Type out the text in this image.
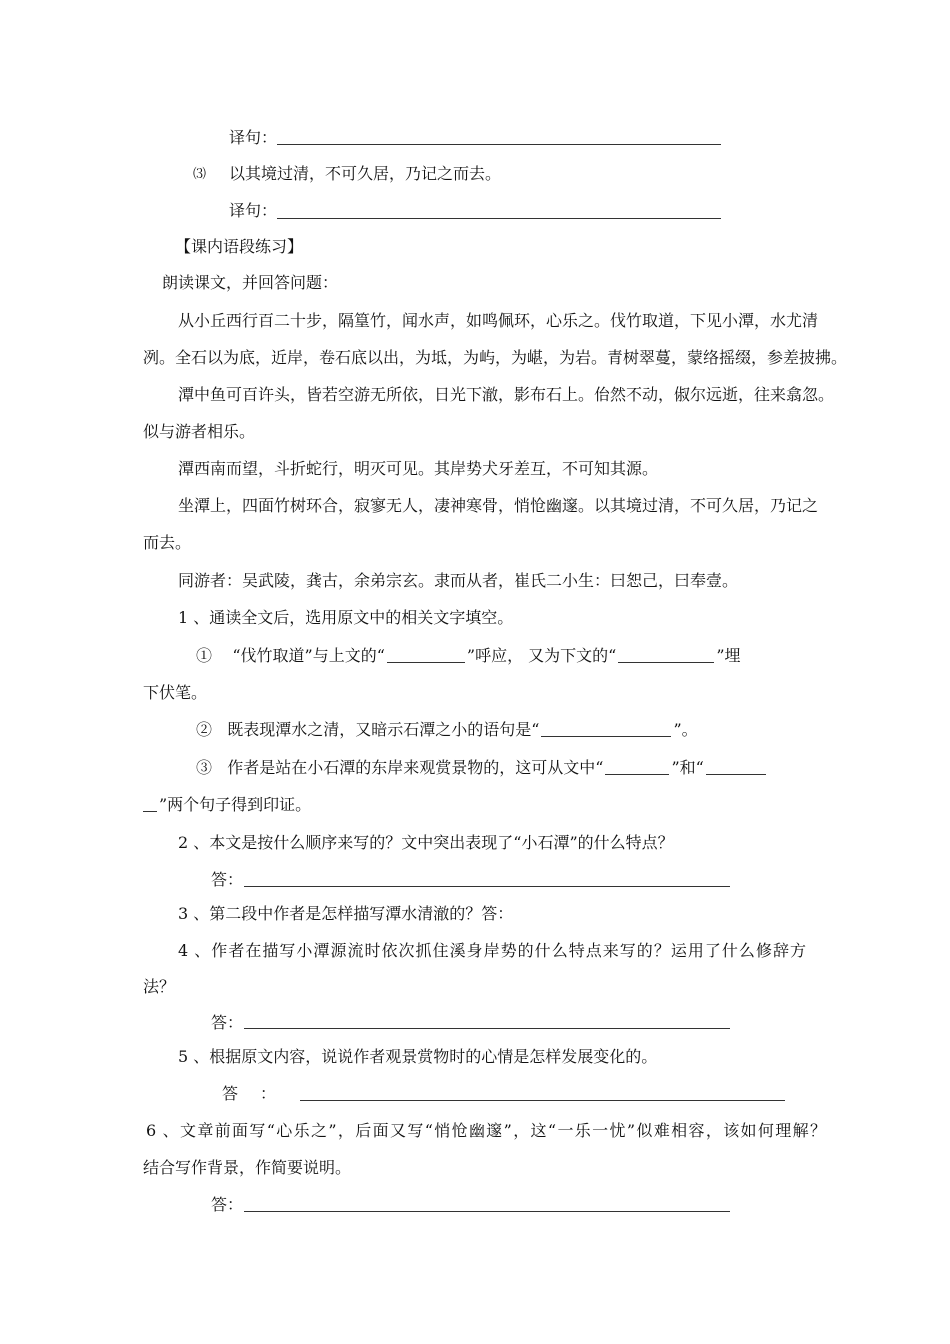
译句：
⑶ 以其境过清，不可久居，乃记之而去。
译句：
【课内语段练习】
朗读课文，并回答问题：
从小丘西行百二十步，隔篁竹，闻水声，如鸣佩环，心乐之。伐竹取道，下见小潭，水尤清
冽。全石以为底，近岸，卷石底以出，为坻，为屿，为嵁，为岩。青树翠蔓，蒙络摇缀，参差披拂。
潭中鱼可百许头，皆若空游无所依，日光下澈，影布石上。佁然不动，俶尔远逝，往来翕忽。
似与游者相乐。
潭西南而望，斗折蛇行，明灭可见。其岸势犬牙差互，不可知其源。
坐潭上，四面竹树环合，寂寥无人，凄神寒骨，悄怆幽邃。以其境过清，不可久居，乃记之
而去。
同游者：吴武陵，龚古，余弟宗玄。隶而从者，崔氏二小生：曰恕己，曰奉壹。
1 、通读全文后，选用原文中的相关文字填空。
① “伐竹取道”与上文的“	”呼应， 又为下文的“	”埋
下伏笔。
② 既表现潭水之清，又暗示石潭之小的语句是“	”。
③ 作者是站在小石潭的东岸来观赏景物的，这可从文中“	”和“
”两个句子得到印证。
2 、本文是按什么顺序来写的？文中突出表现了“小石潭”的什么特点？
答：
3 、第二段中作者是怎样描写潭水清澈的？答：
4 、作者在描写小潭源流时依次抓住溪身岸势的什么特点来写的？运用了什么修辞方
法？
答：
5 、根据原文内容，说说作者观景赏物时的心情是怎样发展变化的。
答　：
6 、文章前面写“心乐之”，后面又写“悄怆幽邃”，这“一乐一忧”似难相容，该如何理解？
结合写作背景，作简要说明。
答：
